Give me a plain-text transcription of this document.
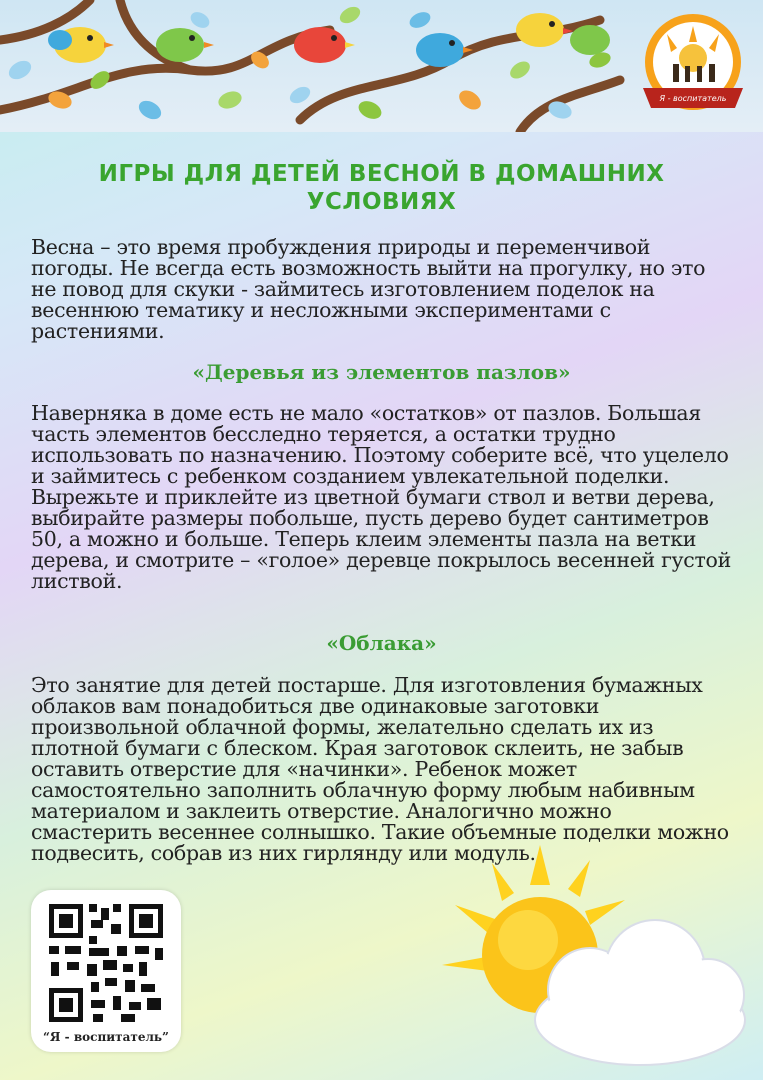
Я - воспитатель
ИГРЫ ДЛЯ ДЕТЕЙ ВЕСНОЙ В ДОМАШНИХ УСЛОВИЯХ

Весна – это время пробуждения природы и переменчивой погоды. Не всегда есть возможность выйти на прогулку, но это не повод для скуки - займитесь изготовлением поделок на весеннюю тематику и несложными экспериментами с растениями.

«Деревья из элементов пазлов»

Наверняка в доме есть не мало «остатков» от пазлов. Большая часть элементов бесследно теряется, а остатки трудно использовать по назначению. Поэтому соберите всё, что уцелело и займитесь с ребенком созданием увлекательной поделки. Вырежьте и приклейте из цветной бумаги ствол и ветви дерева, выбирайте размеры побольше, пусть дерево будет сантиметров 50, а можно и больше. Теперь клеим элементы пазла на ветки дерева, и смотрите – «голое» деревце покрылось весенней густой листвой.

«Облака»

Это занятие для детей постарше. Для изготовления бумажных облаков вам понадобиться две одинаковые заготовки произвольной облачной формы, желательно сделать их из плотной бумаги с блеском. Края заготовок склеить, не забыв оставить отверстие для «начинки». Ребенок может самостоятельно заполнить облачную форму любым набивным материалом и заклеить отверстие. Аналогично можно смастерить весеннее солнышко. Такие объемные поделки можно подвесить, собрав из них гирлянду или модуль.

“Я - воспитатель”
